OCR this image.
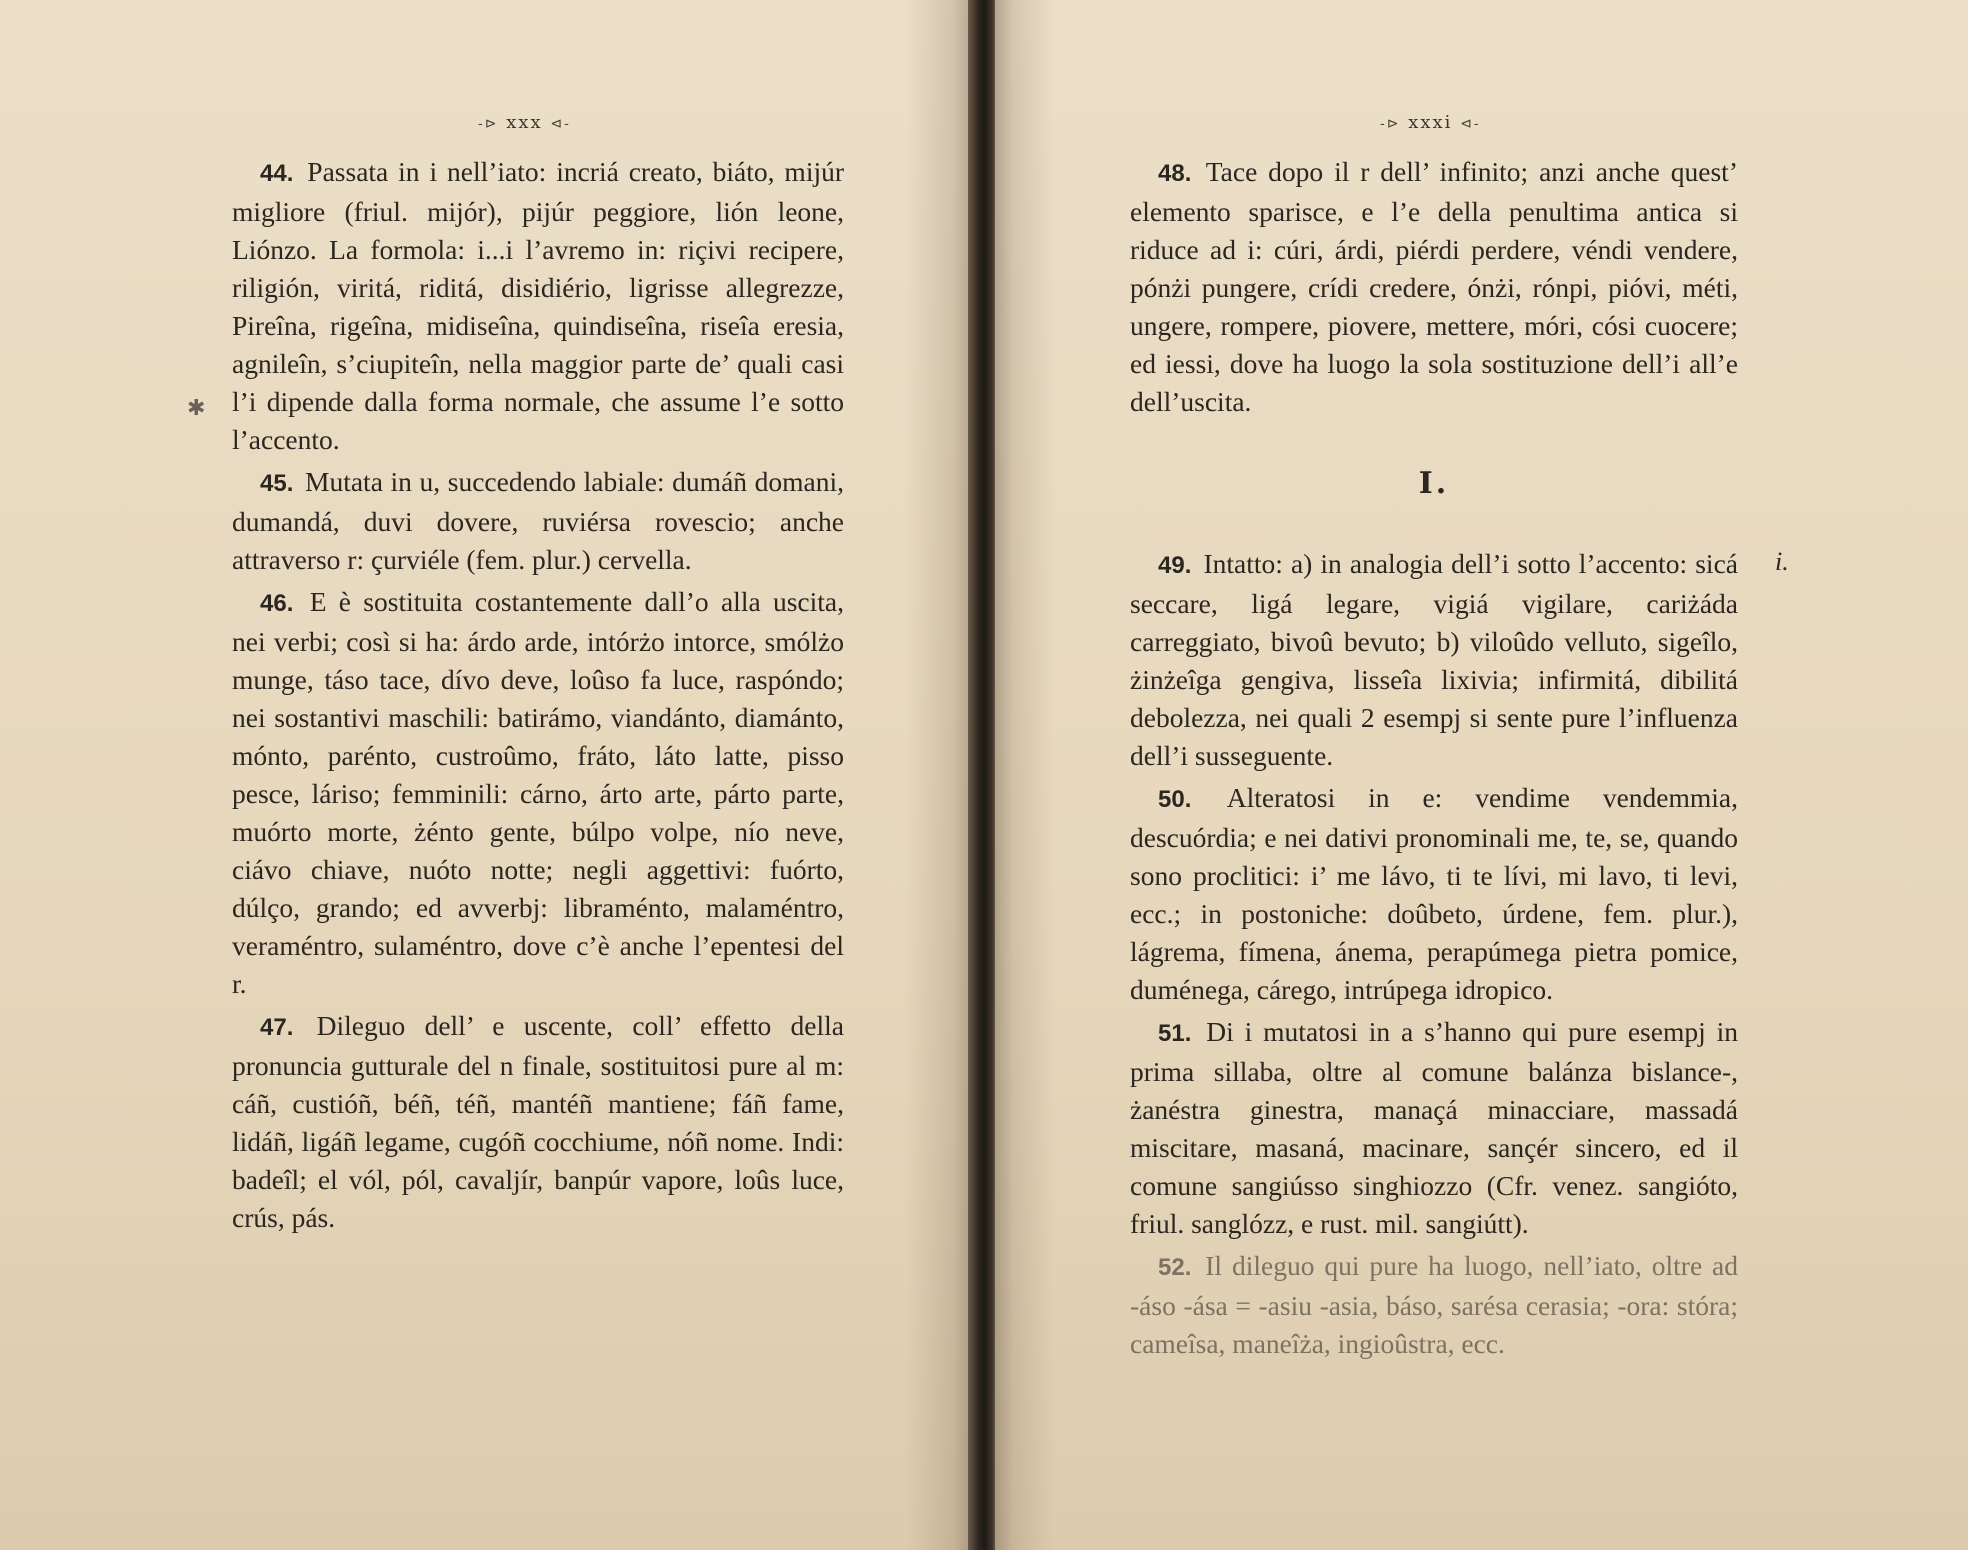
-⊳ xxx ⊲-
✱

44. Passata in i nell’iato: incriá creato, biáto, mijúr migliore (friul. mijór), pijúr peggiore, lión leone, Liónzo. La formola: i...i l’avremo in: riçivi recipere, riligión, viritá, riditá, disidiério, ligrisse allegrezze, Pireîna, rigeîna, midiseîna, quindiseîna, riseîa eresia, agnileîn, s’ciupiteîn, nella maggior parte de’ quali casi l’i dipende dalla forma normale, che assume l’e sotto l’accento.

45. Mutata in u, succedendo labiale: dumáñ domani, dumandá, duvi dovere, ruviérsa rovescio; anche attraverso r: çurviéle (fem. plur.) cervella.

46. E è sostituita costantemente dall’o alla uscita, nei verbi; così si ha: árdo arde, intórżo intorce, smólżo munge, táso tace, dívo deve, loûso fa luce, raspóndo; nei sostantivi maschili: batirámo, viandánto, diamánto, mónto, parénto, custroûmo, fráto, láto latte, pisso pesce, láriso; femminili: cárno, árto arte, párto parte, muórto morte, żénto gente, búlpo volpe, nío neve, ciávo chiave, nuóto notte; negli aggettivi: fuórto, dúlço, grando; ed avverbj: libraménto, malaméntro, veraméntro, sulaméntro, dove c’è anche l’epentesi del r.

47. Dileguo dell’ e uscente, coll’ effetto della pronuncia gutturale del n finale, sostituitosi pure al m: cáñ, custióñ, béñ, téñ, mantéñ mantiene; fáñ fame, lidáñ, ligáñ legame, cugóñ cocchiume, nóñ nome. Indi: badeîl; el vól, pól, cavaljír, banpúr vapore, loûs luce, crús, pás.

-⊳ xxxi ⊲-
i.

48. Tace dopo il r dell’ infinito; anzi anche quest’ elemento sparisce, e l’e della penultima antica si riduce ad i: cúri, árdi, piérdi perdere, véndi vendere, pónżi pungere, crídi credere, ónżi, rónpi, pióvi, méti, ungere, rompere, piovere, mettere, móri, cósi cuocere; ed iessi, dove ha luogo la sola sostituzione dell’i all’e dell’uscita.

I.

49. Intatto: a) in analogia dell’i sotto l’accento: sicá seccare, ligá legare, vigiá vigilare, cariżáda carreggiato, bivoû bevuto; b) viloûdo velluto, sigeîlo, żinżeîga gengiva, lisseîa lixivia; infirmitá, dibilitá debolezza, nei quali 2 esempj si sente pure l’influenza dell’i susseguente.

50. Alteratosi in e: vendime vendemmia, descuórdia; e nei dativi pronominali me, te, se, quando sono proclitici: i’ me lávo, ti te lívi, mi lavo, ti levi, ecc.; in postoniche: doûbeto, úrdene, fem. plur.), lágrema, fímena, ánema, perapúmega pietra pomice, duménega, cárego, intrúpega idropico.

51. Di i mutatosi in a s’hanno qui pure esempj in prima sillaba, oltre al comune balánza bislance-, żanéstra ginestra, manaçá minacciare, massadá miscitare, masaná, macinare, sançér sincero, ed il comune sangiússo singhiozzo (Cfr. venez. sangióto, friul. sanglózz, e rust. mil. sangiútt).

52. Il dileguo qui pure ha luogo, nell’iato, oltre ad -áso -ása = -asiu -asia, báso, sarésa cerasia; -ora: stóra; cameîsa, maneîża, ingioûstra, ecc.
